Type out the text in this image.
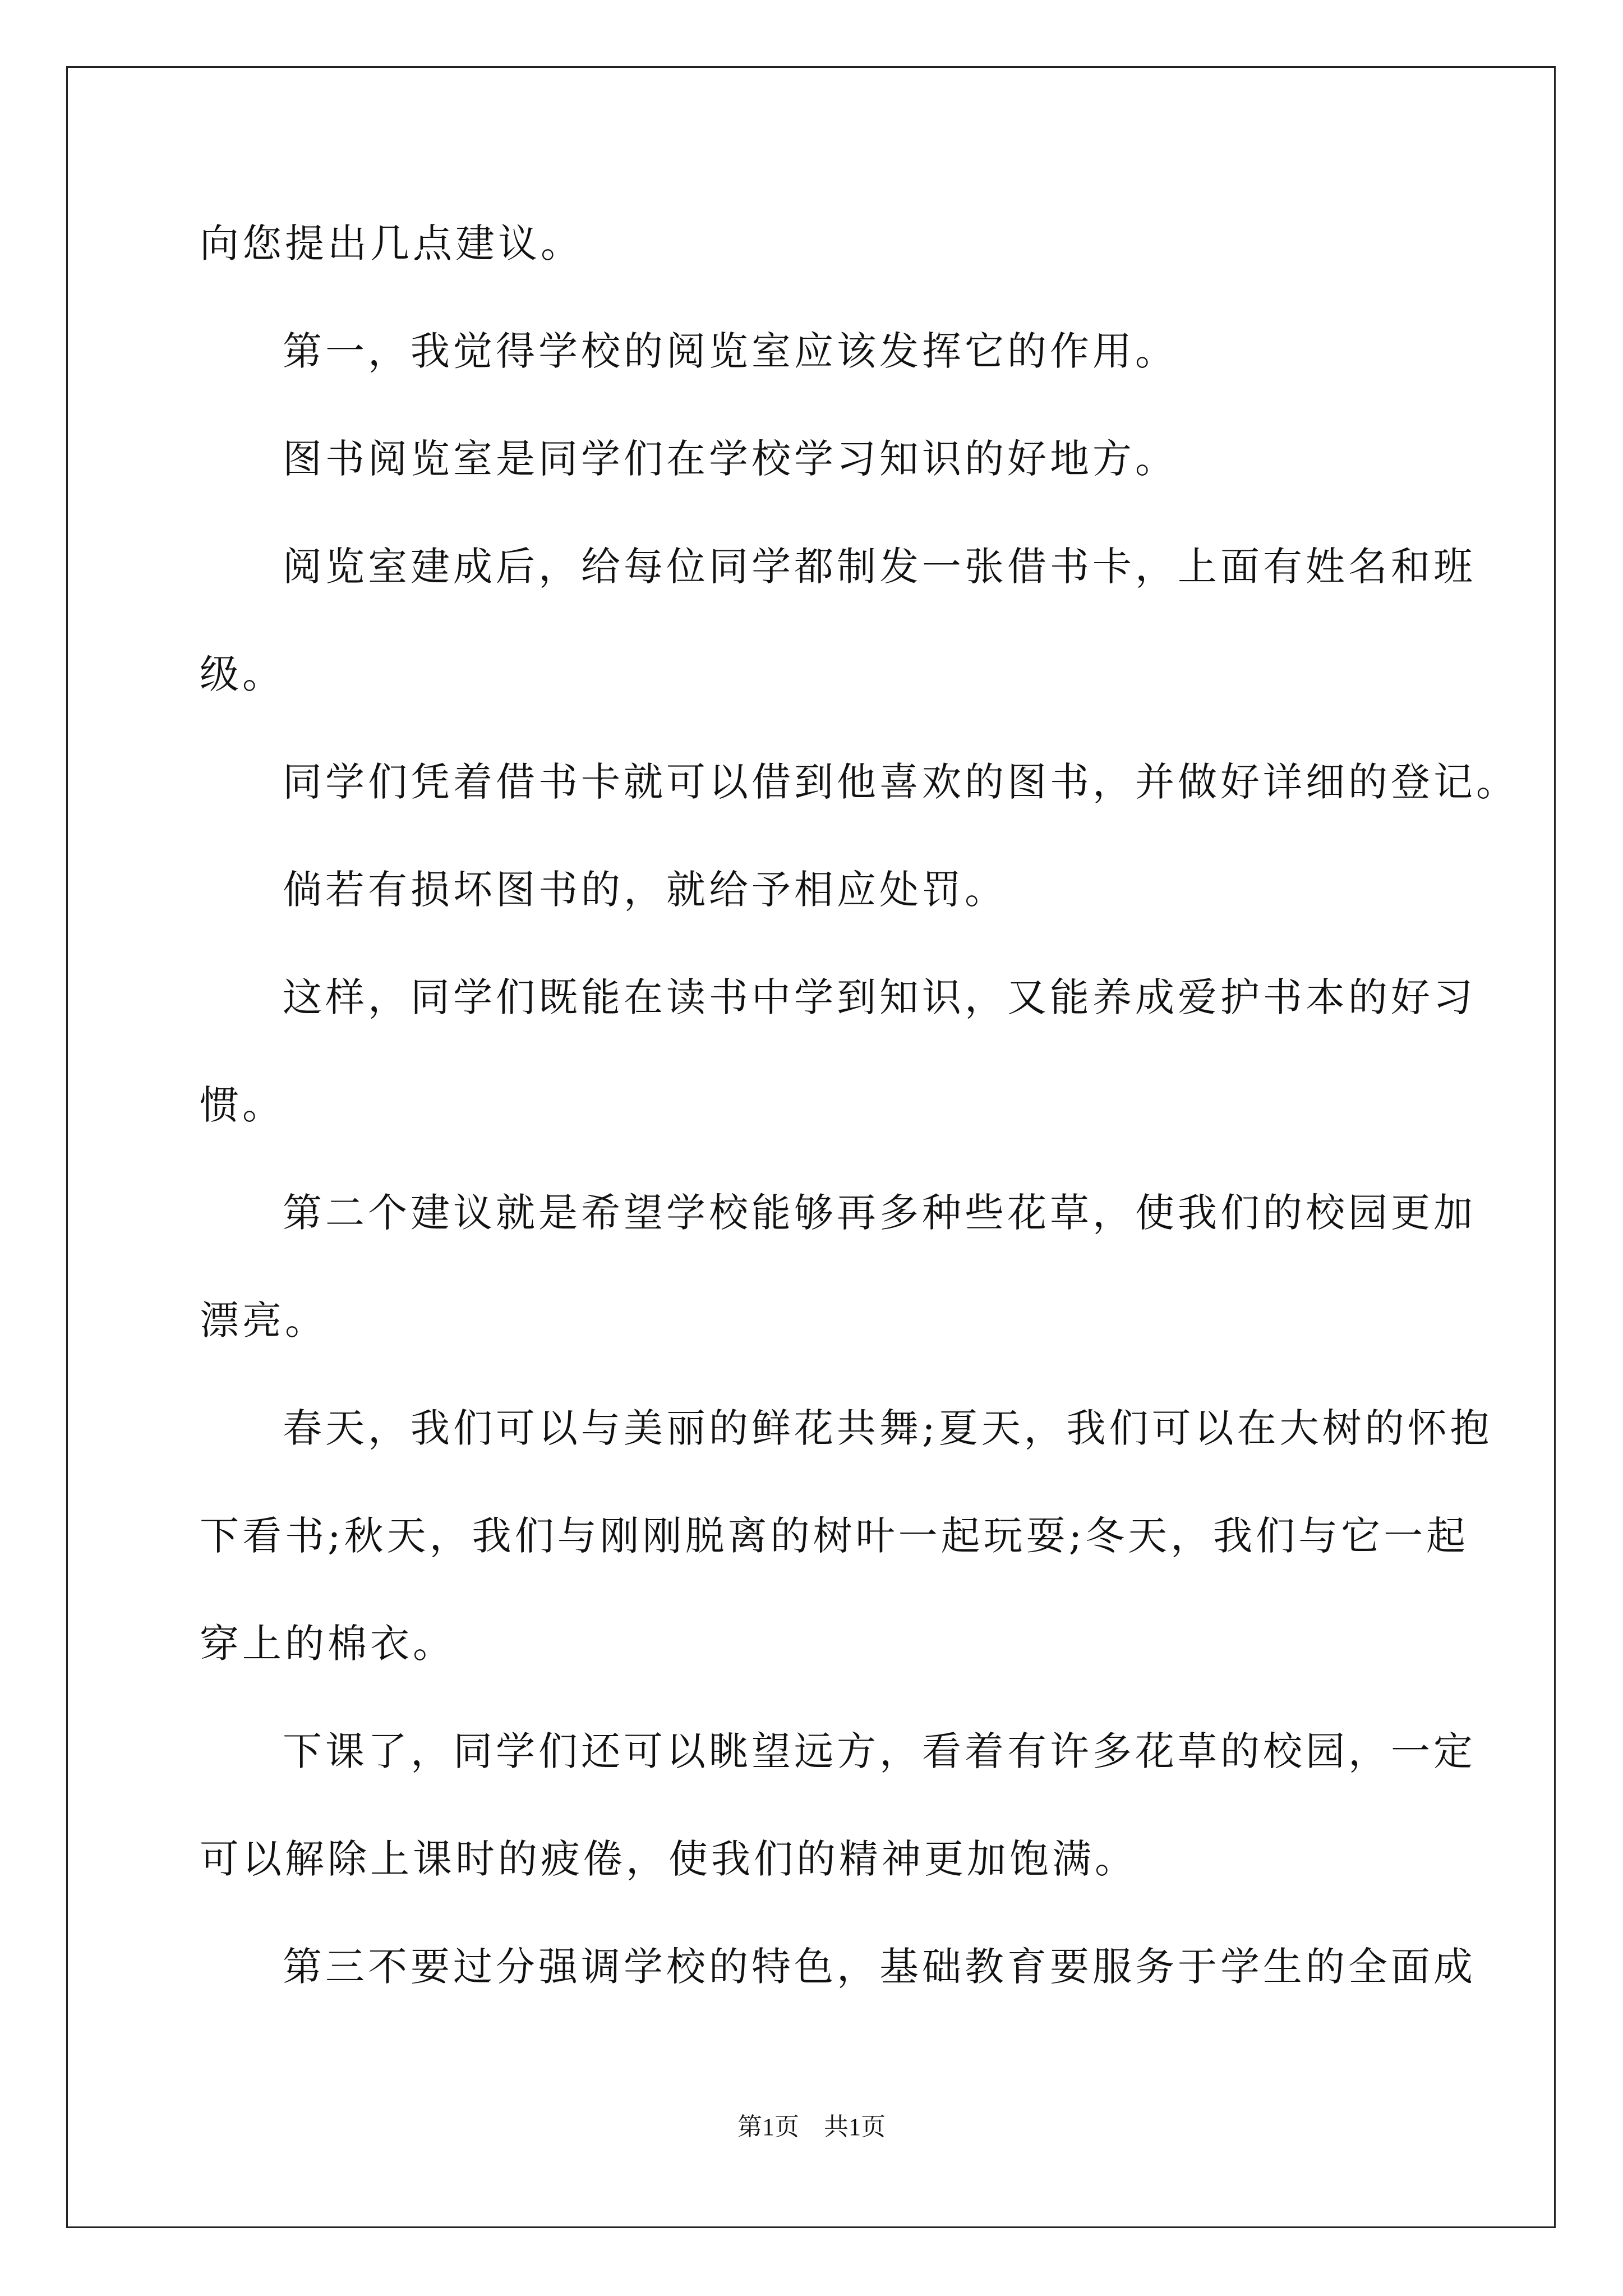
向您提出几点建议。
第一，我觉得学校的阅览室应该发挥它的作用。
图书阅览室是同学们在学校学习知识的好地方。
阅览室建成后，给每位同学都制发一张借书卡，上面有姓名和班
级。
同学们凭着借书卡就可以借到他喜欢的图书，并做好详细的登记。
倘若有损坏图书的，就给予相应处罚。
这样，同学们既能在读书中学到知识，又能养成爱护书本的好习
惯。
第二个建议就是希望学校能够再多种些花草，使我们的校园更加
漂亮。
春天，我们可以与美丽的鲜花共舞;夏天，我们可以在大树的怀抱
下看书;秋天，我们与刚刚脱离的树叶一起玩耍;冬天，我们与它一起
穿上的棉衣。
下课了，同学们还可以眺望远方，看着有许多花草的校园，一定
可以解除上课时的疲倦，使我们的精神更加饱满。
第三不要过分强调学校的特色，基础教育要服务于学生的全面成
第1页　共1页
